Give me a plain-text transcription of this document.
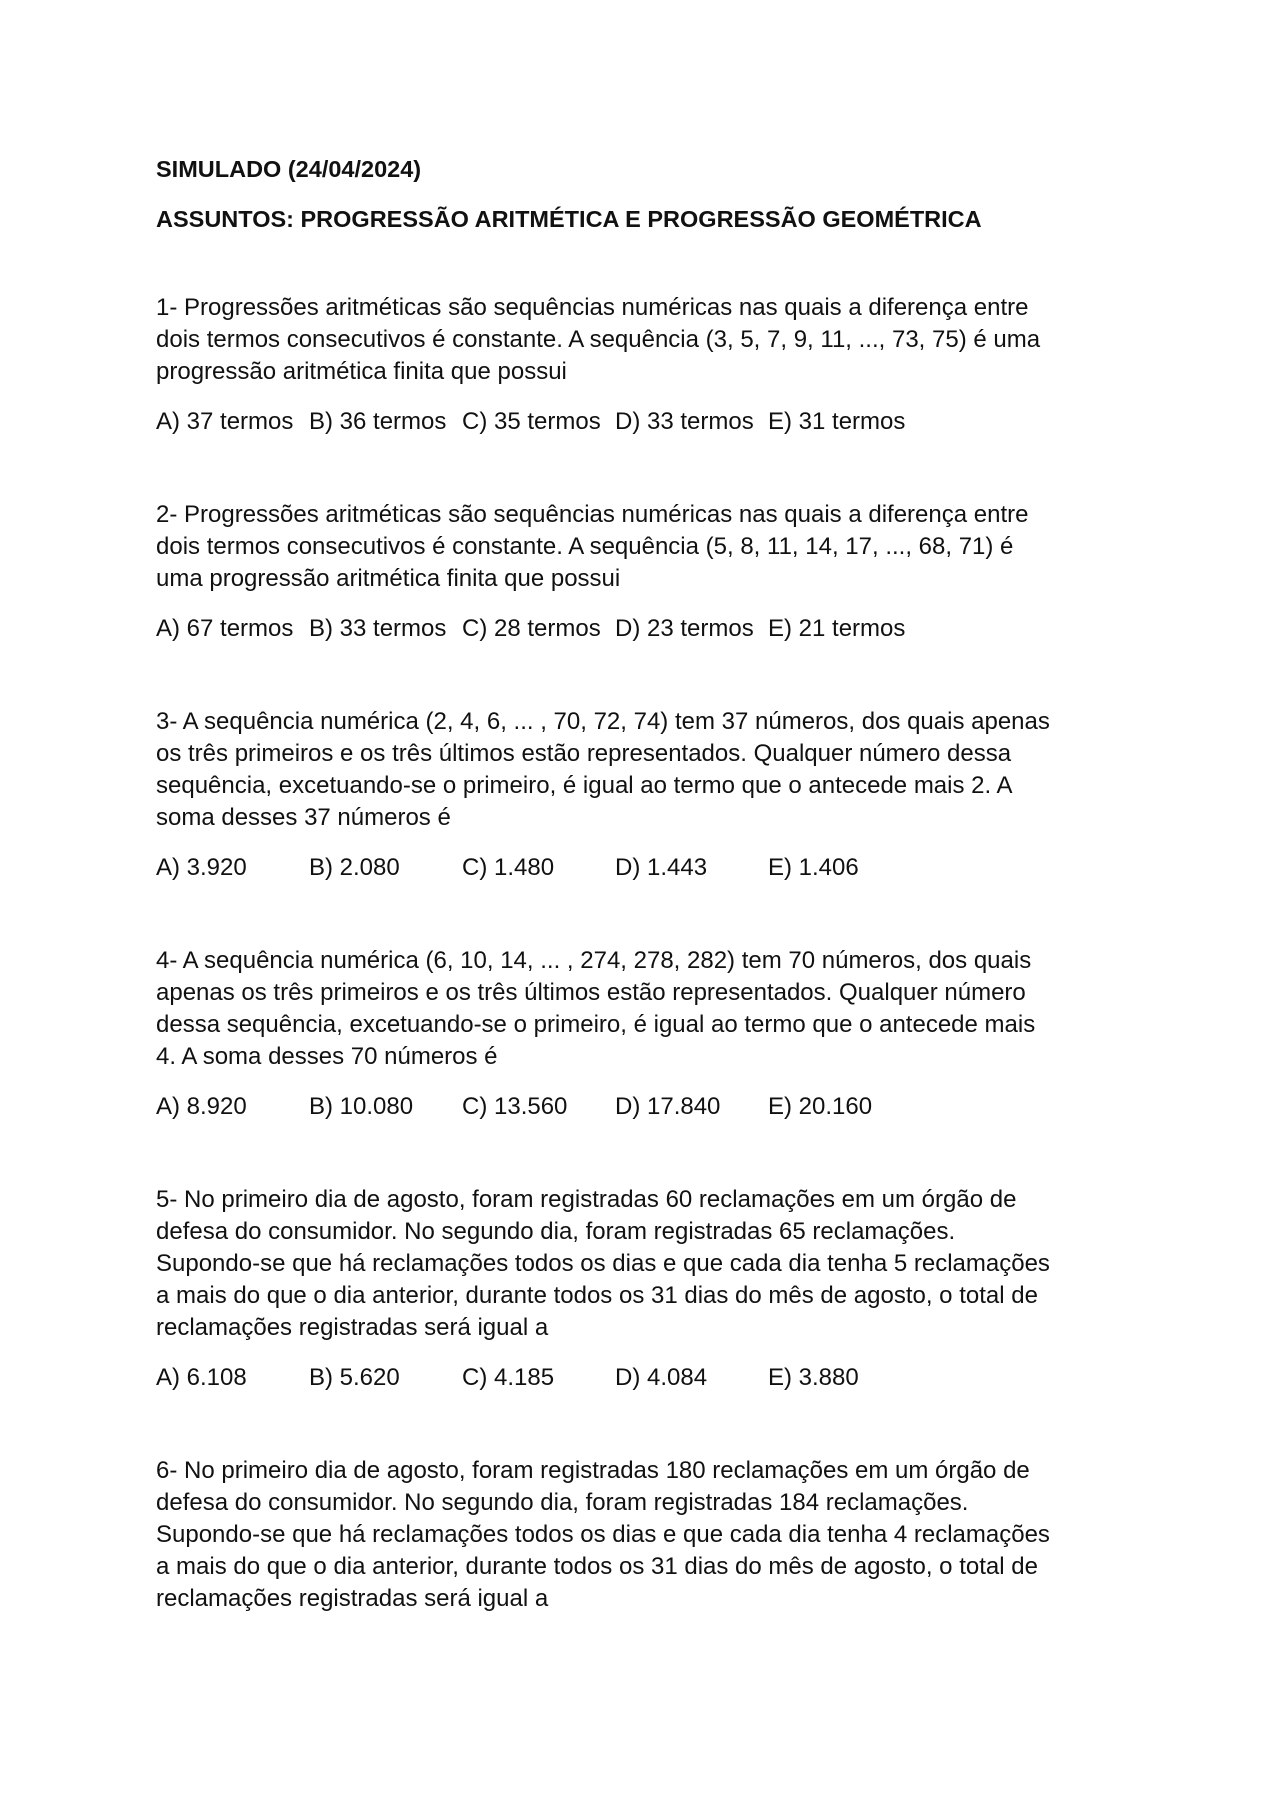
SIMULADO (24/04/2024)

ASSUNTOS: PROGRESSÃO ARITMÉTICA E PROGRESSÃO GEOMÉTRICA

1- Progressões aritméticas são sequências numéricas nas quais a diferença entre
dois termos consecutivos é constante. A sequência (3, 5, 7, 9, 11, ..., 73, 75) é uma
progressão aritmética finita que possui

A) 37 termos B) 36 termos C) 35 termos D) 33 termos E) 31 termos

2- Progressões aritméticas são sequências numéricas nas quais a diferença entre
dois termos consecutivos é constante. A sequência (5, 8, 11, 14, 17, ..., 68, 71) é
uma progressão aritmética finita que possui

A) 67 termos B) 33 termos C) 28 termos D) 23 termos E) 21 termos

3- A sequência numérica (2, 4, 6, ... , 70, 72, 74) tem 37 números, dos quais apenas
os três primeiros e os três últimos estão representados. Qualquer número dessa
sequência, excetuando-se o primeiro, é igual ao termo que o antecede mais 2. A
soma desses 37 números é

A) 3.920	B) 2.080	C) 1.480	D) 1.443	E) 1.406

4- A sequência numérica (6, 10, 14, ... , 274, 278, 282) tem 70 números, dos quais
apenas os três primeiros e os três últimos estão representados. Qualquer número
dessa sequência, excetuando-se o primeiro, é igual ao termo que o antecede mais
4. A soma desses 70 números é

A) 8.920	B) 10.080	C) 13.560	D) 17.840	E) 20.160

5- No primeiro dia de agosto, foram registradas 60 reclamações em um órgão de
defesa do consumidor. No segundo dia, foram registradas 65 reclamações.
Supondo-se que há reclamações todos os dias e que cada dia tenha 5 reclamações
a mais do que o dia anterior, durante todos os 31 dias do mês de agosto, o total de
reclamações registradas será igual a

A) 6.108	B) 5.620	C) 4.185	D) 4.084	E) 3.880

6- No primeiro dia de agosto, foram registradas 180 reclamações em um órgão de
defesa do consumidor. No segundo dia, foram registradas 184 reclamações.
Supondo-se que há reclamações todos os dias e que cada dia tenha 4 reclamações
a mais do que o dia anterior, durante todos os 31 dias do mês de agosto, o total de
reclamações registradas será igual a
